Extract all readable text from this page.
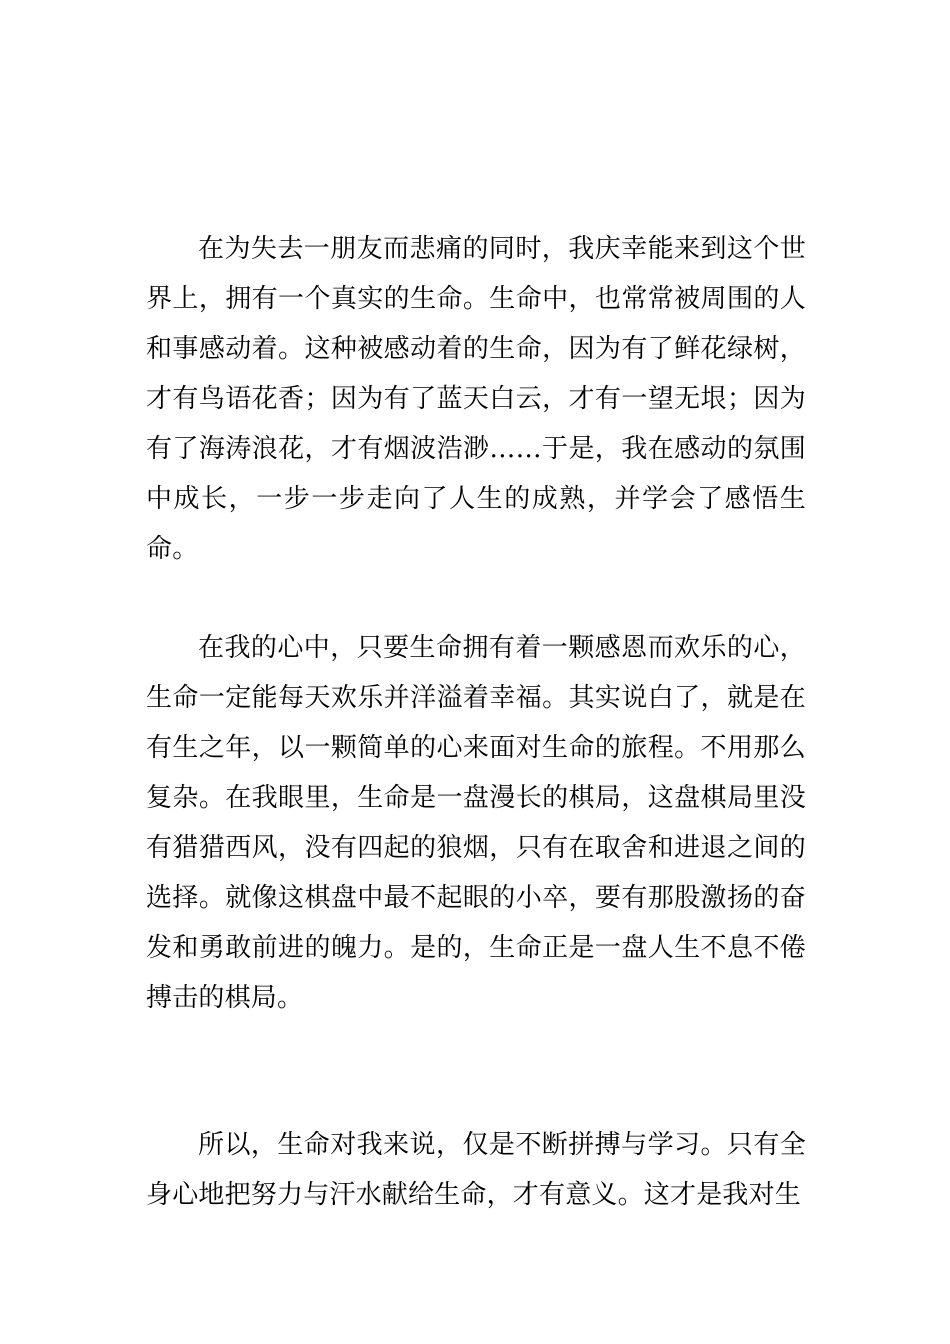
在为失去一朋友而悲痛的同时，我庆幸能来到这个世界上，拥有一个真实的生命。生命中，也常常被周围的人和事感动着。这种被感动着的生命，因为有了鲜花绿树，才有鸟语花香；因为有了蓝天白云，才有一望无垠；因为有了海涛浪花，才有烟波浩渺……于是，我在感动的氛围中成长，一步一步走向了人生的成熟，并学会了感悟生命。

在我的心中，只要生命拥有着一颗感恩而欢乐的心，生命一定能每天欢乐并洋溢着幸福。其实说白了，就是在有生之年，以一颗简单的心来面对生命的旅程。不用那么复杂。在我眼里，生命是一盘漫长的棋局，这盘棋局里没有猎猎西风，没有四起的狼烟，只有在取舍和进退之间的选择。就像这棋盘中最不起眼的小卒，要有那股激扬的奋发和勇敢前进的魄力。是的，生命正是一盘人生不息不倦搏击的棋局。

所以，生命对我来说，仅是不断拼搏与学习。只有全身心地把努力与汗水献给生命，才有意义。这才是我对生
